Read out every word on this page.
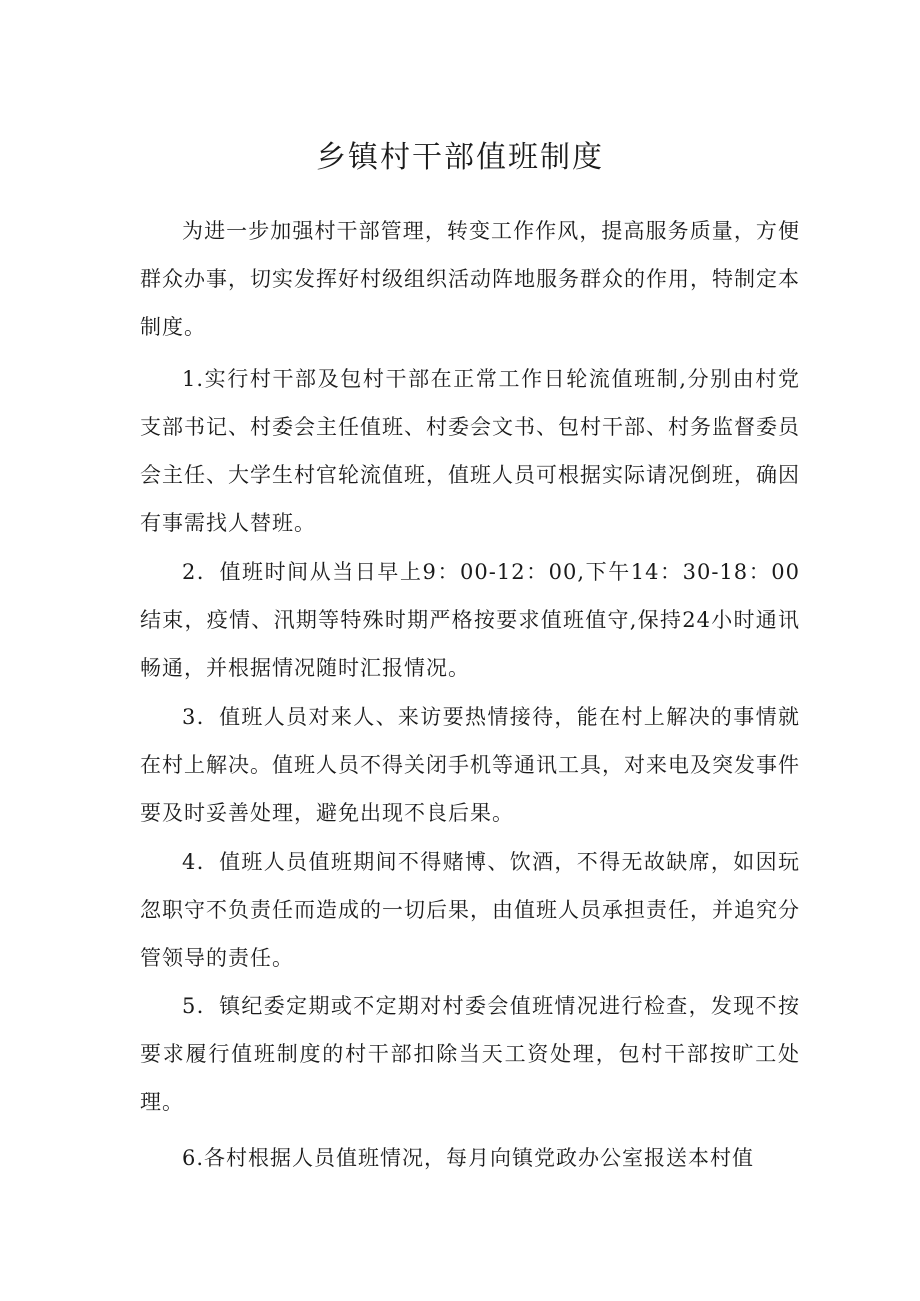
乡镇村干部值班制度

为进一步加强村干部管理，转变工作作风，提高服务质量，方便群众办事，切实发挥好村级组织活动阵地服务群众的作用，特制定本制度。

1.实行村干部及包村干部在正常工作日轮流值班制,分别由村党支部书记、村委会主任值班、村委会文书、包村干部、村务监督委员会主任、大学生村官轮流值班，值班人员可根据实际请况倒班，确因有事需找人替班。

2．值班时间从当日早上9：00-12：00,下午14：30-18：00结束，疫情、汛期等特殊时期严格按要求值班值守,保持24小时通讯畅通，并根据情况随时汇报情况。

3．值班人员对来人、来访要热情接待，能在村上解决的事情就在村上解决。值班人员不得关闭手机等通讯工具，对来电及突发事件要及时妥善处理，避免出现不良后果。

4．值班人员值班期间不得赌博、饮酒，不得无故缺席，如因玩忽职守不负责任而造成的一切后果，由值班人员承担责任，并追究分管领导的责任。

5．镇纪委定期或不定期对村委会值班情况进行检查，发现不按要求履行值班制度的村干部扣除当天工资处理，包村干部按旷工处理。

6.各村根据人员值班情况，每月向镇党政办公室报送本村值
